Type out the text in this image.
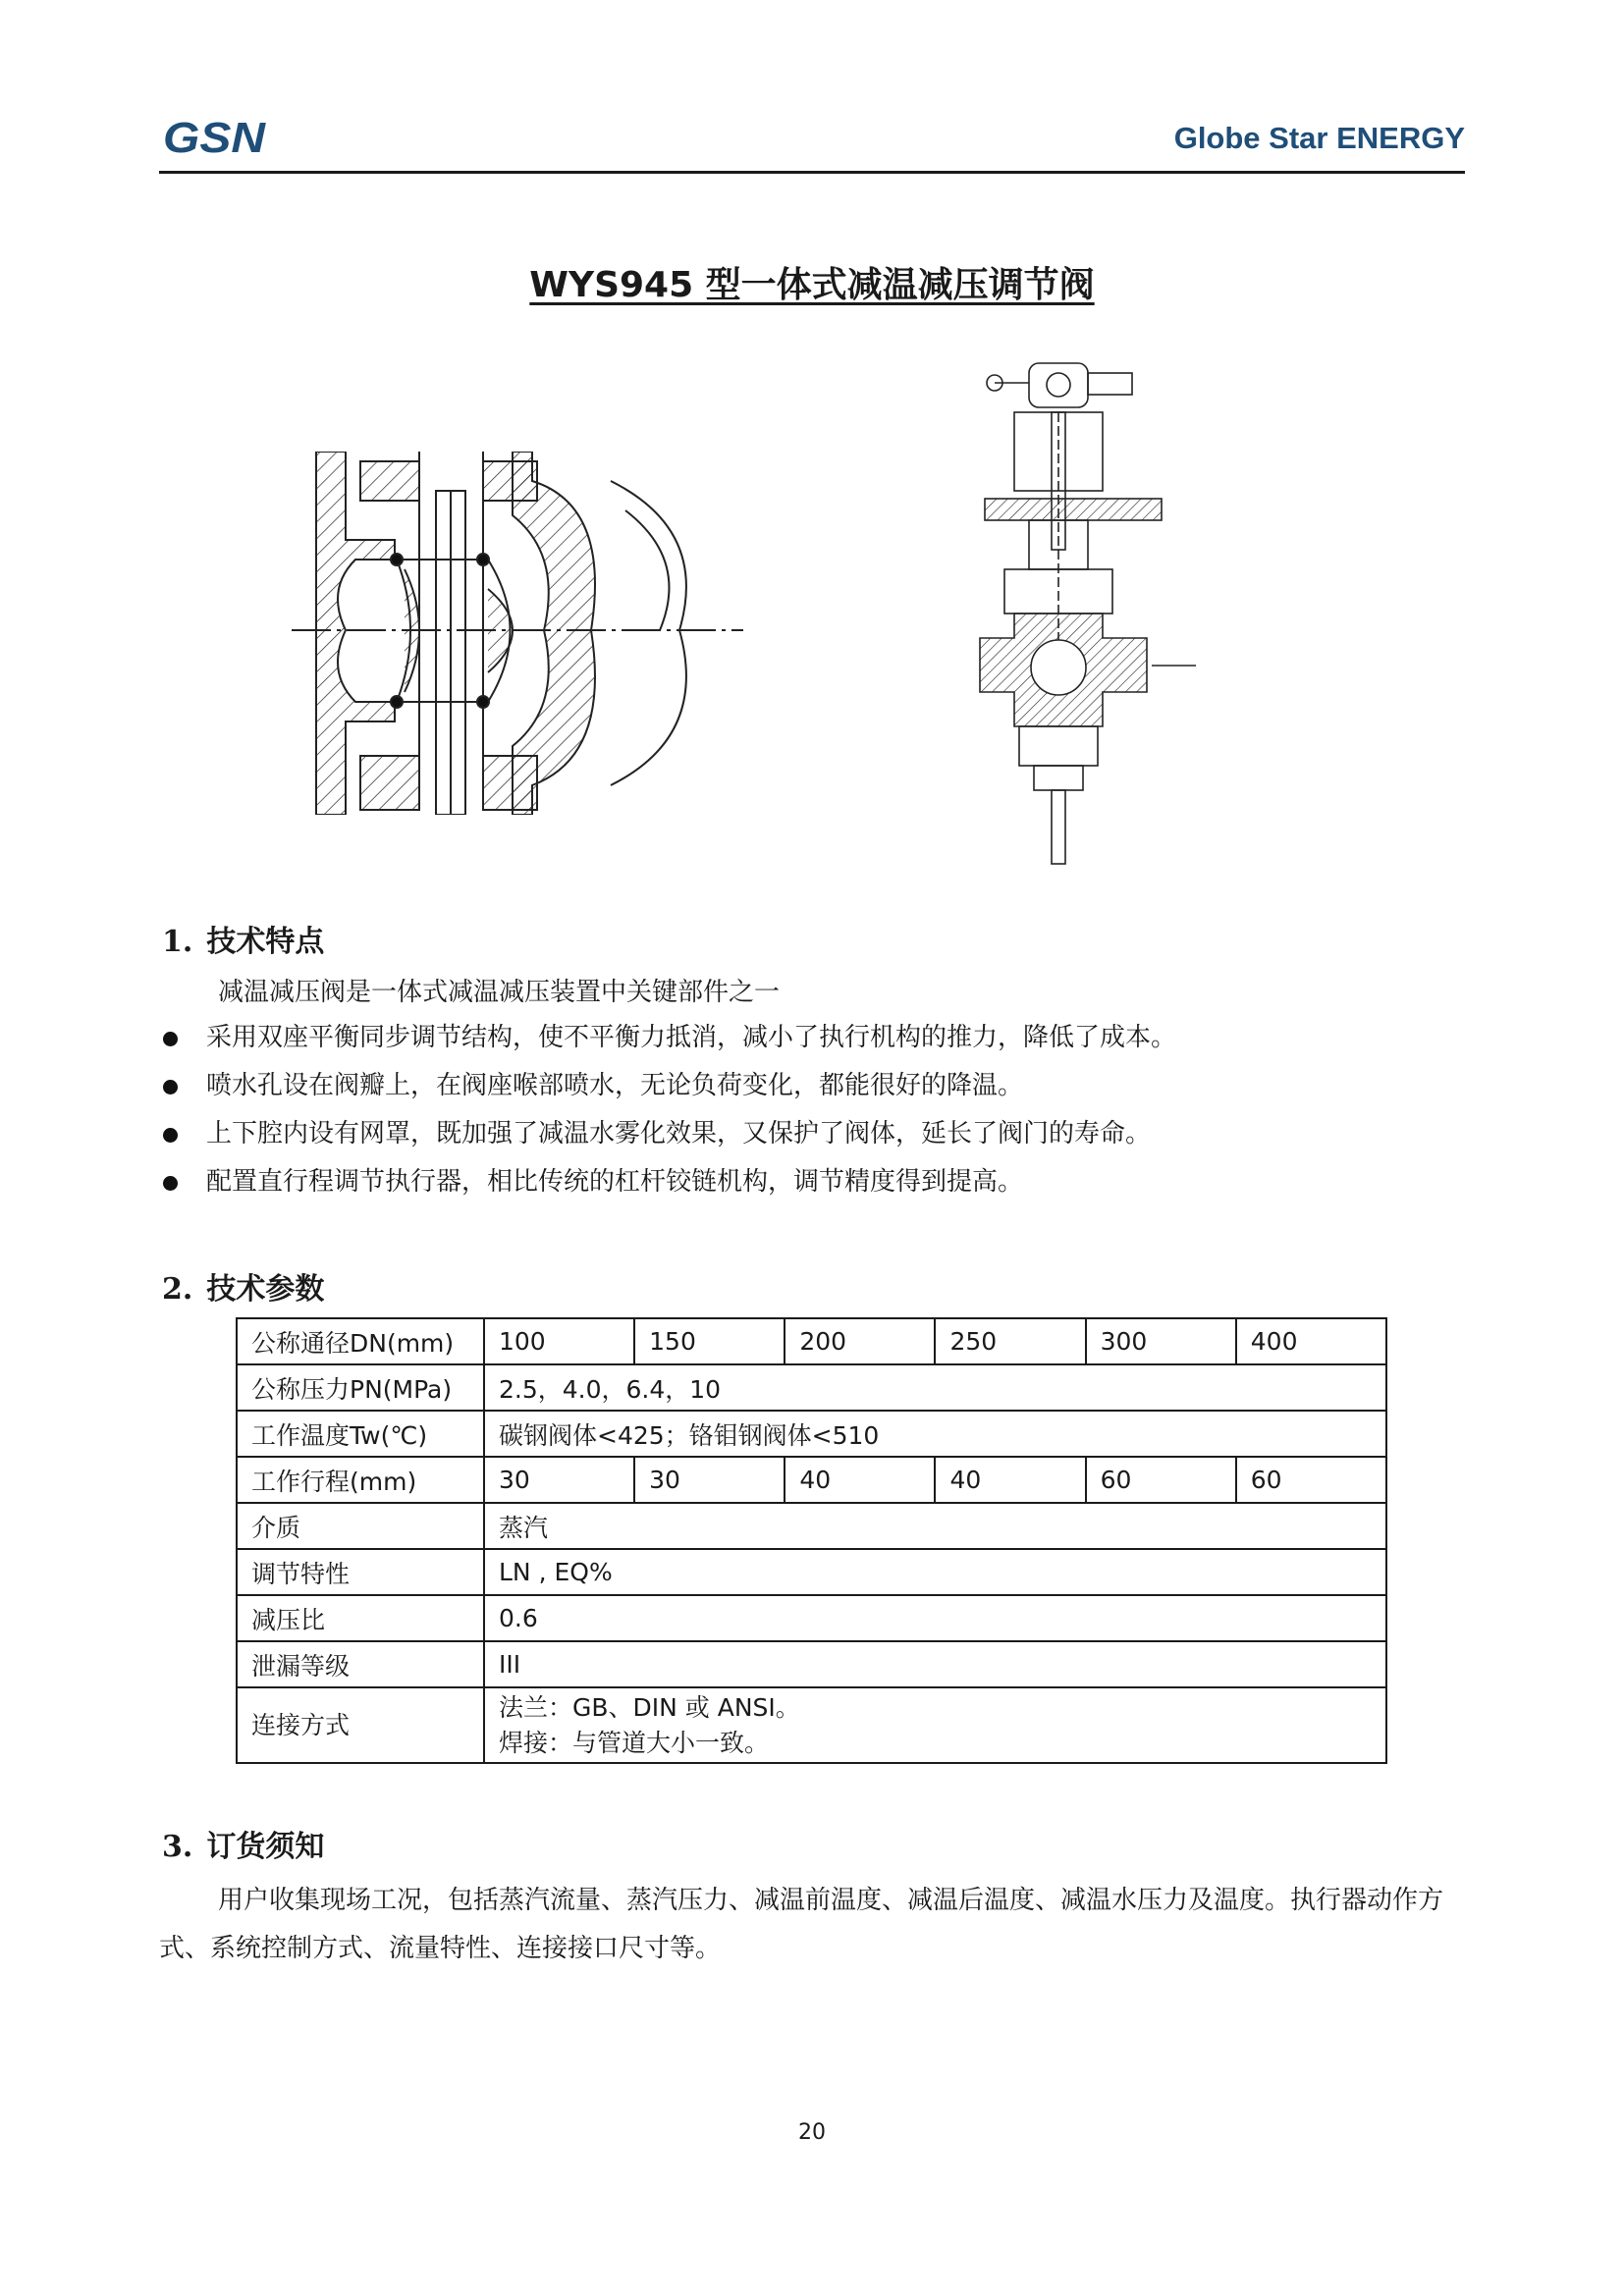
GSN	Globe Star ENERGY
WYS945 型一体式减温减压调节阀
1. 技术特点
减温减压阀是一体式减温减压装置中关键部件之一
采用双座平衡同步调节结构，使不平衡力抵消，减小了执行机构的推力，降低了成本。
喷水孔设在阀瓣上，在阀座喉部喷水，无论负荷变化，都能很好的降温。
上下腔内设有网罩，既加强了减温水雾化效果，又保护了阀体，延长了阀门的寿命。
配置直行程调节执行器，相比传统的杠杆铰链机构，调节精度得到提高。
2. 技术参数
公称通径DN(mm)	100	150	200	250	300	400
公称压力PN(MPa)	2.5，4.0，6.4，10					
工作温度Tw(℃)	碳钢阀体<425；铬钼钢阀体<510					
工作行程(mm)	30	30	40	40	60	60
介质	蒸汽					
调节特性	LN , EQ%					
减压比	0.6					
泄漏等级	III					
连接方式	法兰：GB、DIN 或 ANSI。
焊接：与管道大小一致。					
3. 订货须知
用户收集现场工况，包括蒸汽流量、蒸汽压力、减温前温度、减温后温度、减温水压力及温度。执行器动作方式、系统控制方式、流量特性、连接接口尺寸等。
20
